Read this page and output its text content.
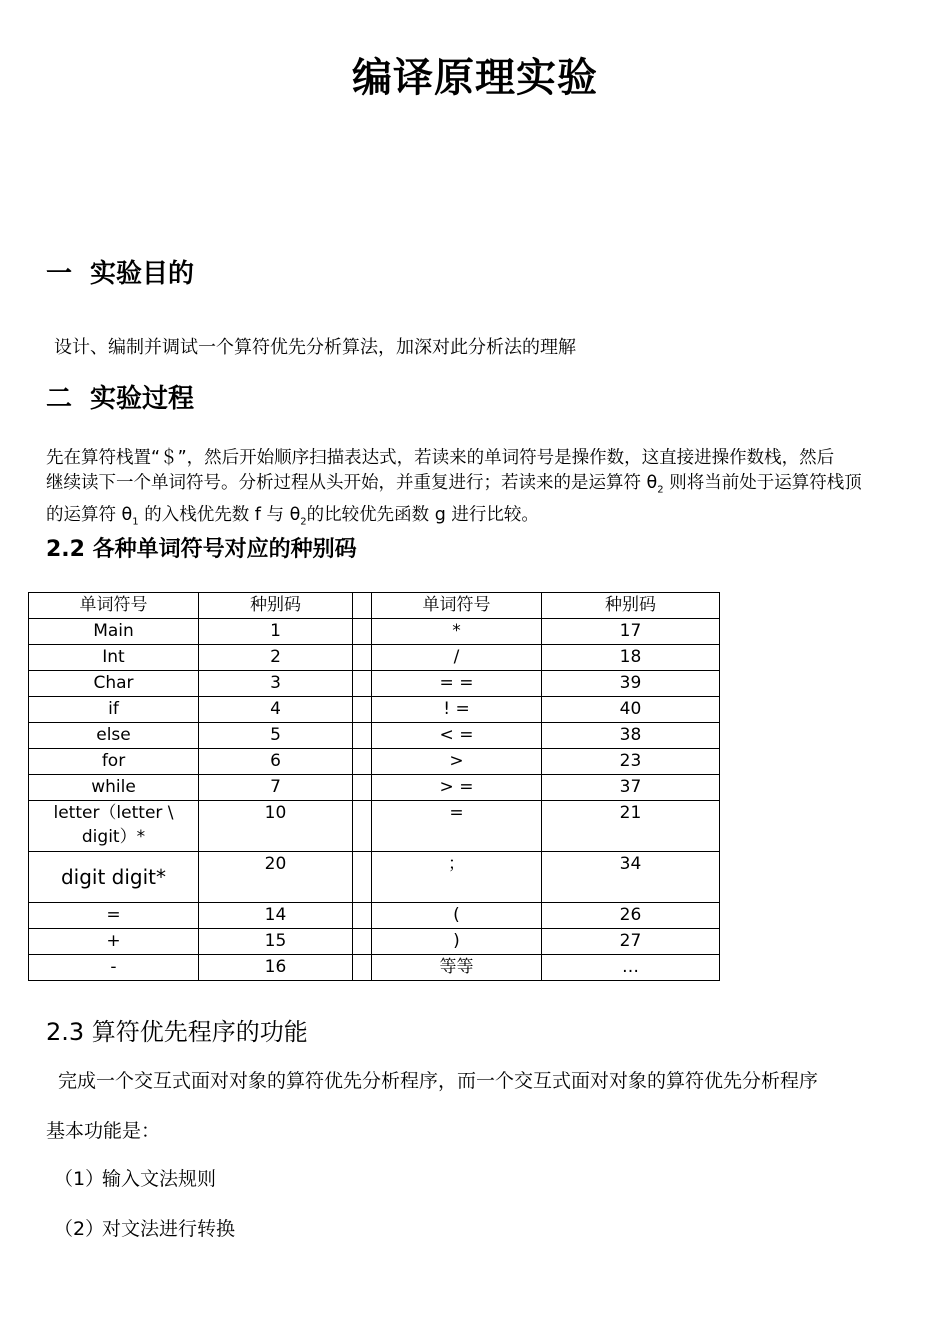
编译原理实验
一 实验目的

设计、编制并调试一个算符优先分析算法，加深对此分析法的理解

二 实验过程
先在算符栈置“＄”，然后开始顺序扫描表达式，若读来的单词符号是操作数，这直接进操作数栈，然后
继续读下一个单词符号。分析过程从头开始，并重复进行；若读来的是运算符 $\theta_2$ 则将当前处于运算符栈顶
的运算符 $\theta_1$ 的入栈优先数 f 与 $\theta_2$的比较优先函数 g 进行比较。
2.2 各种单词符号对应的种别码
单词符号	种别码		单词符号	种别码
Main	1		*	17
Int	2		/	18
Char	3		= =	39
if	4		! =	40
else	5		< =	38
for	6		>	23
while	7		> =	37
letter（letter \ digit）*	10		=	21
digit digit*	20		；	34
=	14		(	26
+	15		)	27
-	16		等等	…
2.3 算符优先程序的功能

完成一个交互式面对对象的算符优先分析程序，而一个交互式面对对象的算符优先分析程序

基本功能是：

（1）输入文法规则
（2）对文法进行转换
